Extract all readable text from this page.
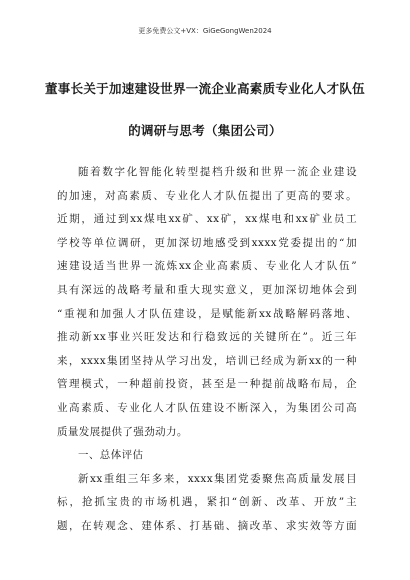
更多免费公文+VX：GiGeGongWen2024
董事长关于加速建设世界一流企业高素质专业化人才队伍
的调研与思考（集团公司）
随着数字化智能化转型提档升级和世界一流企业建设
的加速，对高素质、专业化人才队伍提出了更高的要求。
近期，通过到xx煤电xx矿、xx矿，xx煤电和xx矿业员工
学校等单位调研，更加深切地感受到xxxx党委提出的“加
速建设适当世界一流炼xx企业高素质、专业化人才队伍”
具有深远的战略考量和重大现实意义，更加深切地体会到
“重视和加强人才队伍建设，是赋能新xx战略解码落地、
推动新xx事业兴旺发达和行稳致远的关键所在”。近三年
来，xxxx集团坚持从学习出发，培训已经成为新xx的一种
管理模式，一种超前投资，甚至是一种提前战略布局，企
业高素质、专业化人才队伍建设不断深入，为集团公司高
质量发展提供了强劲动力。
一、总体评估
新xx重组三年多来，xxxx集团党委聚焦高质量发展目
标，抢抓宝贵的市场机遇，紧扣“创新、改革、开放”主
题，在转观念、建体系、打基础、摘改革、求实效等方面
